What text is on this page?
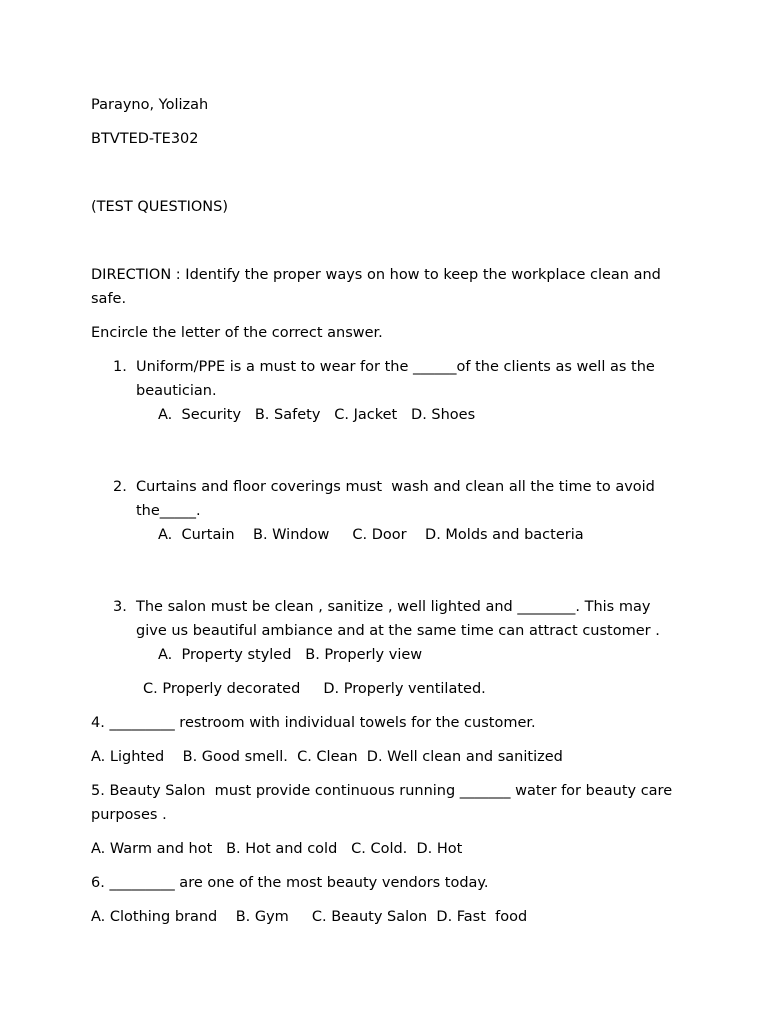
Parayno, Yolizah
BTVTED-TE302
(TEST QUESTIONS)
DIRECTION : Identify the proper ways on how to keep the workplace clean and
safe.
Encircle the letter of the correct answer.
1. Uniform/PPE is a must to wear for the ______of the clients as well as the
beautician.
A.  Security   B. Safety   C. Jacket   D. Shoes
2. Curtains and floor coverings must  wash and clean all the time to avoid
the_____.
A.  Curtain    B. Window     C. Door    D. Molds and bacteria
3. The salon must be clean , sanitize , well lighted and ________. This may
give us beautiful ambiance and at the same time can attract customer .
A.  Property styled   B. Properly view
C. Properly decorated     D. Properly ventilated.
4. _________ restroom with individual towels for the customer.
A. Lighted    B. Good smell.  C. Clean  D. Well clean and sanitized
5. Beauty Salon  must provide continuous running _______ water for beauty care
purposes .
A. Warm and hot   B. Hot and cold   C. Cold.  D. Hot
6. _________ are one of the most beauty vendors today.
A. Clothing brand    B. Gym     C. Beauty Salon  D. Fast  food
